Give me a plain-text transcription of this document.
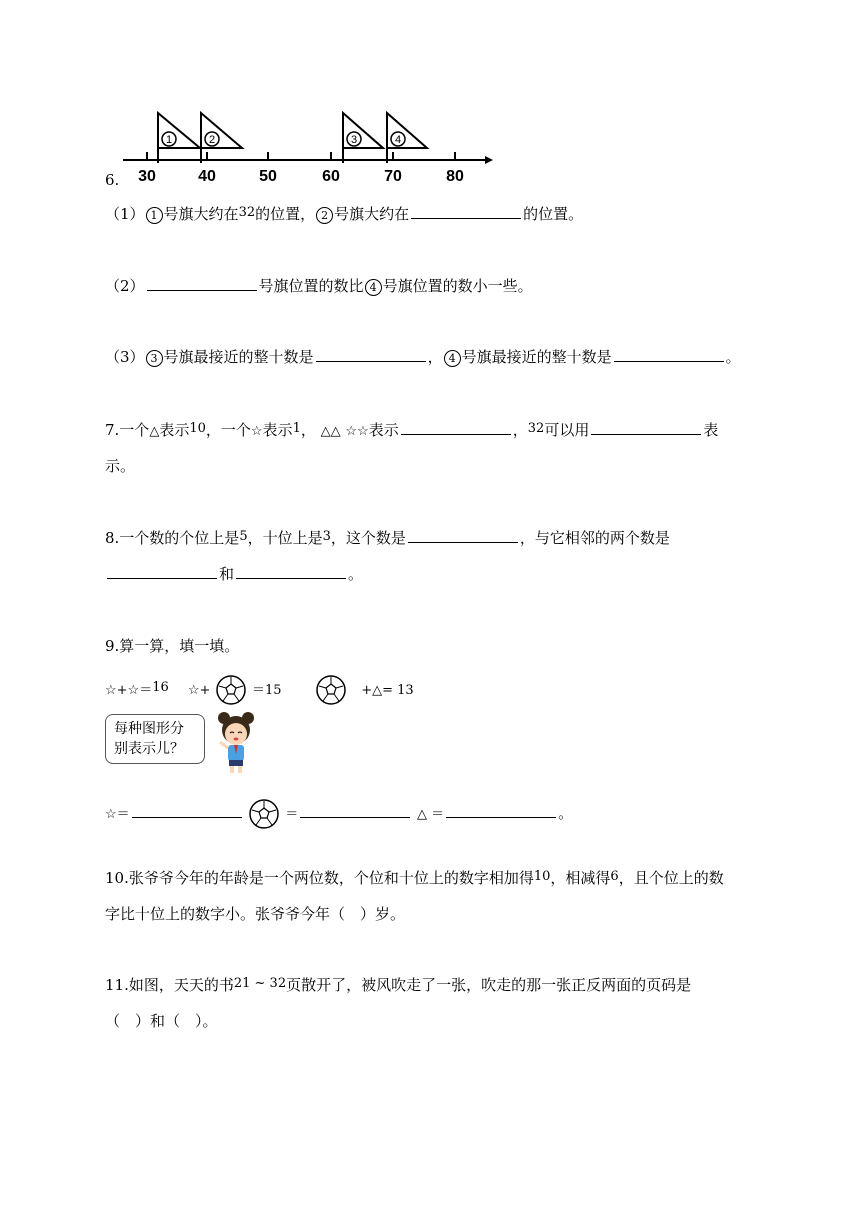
1	2	3	4
30	40	50	60	70	80
6.
（1） 1 号旗大约在32的位置， 2 号旗大约在	的位置。
（2）	号旗位置的数比 4 号旗位置的数小一些。
（3） 3 号旗最接近的整十数是	， 4 号旗最接近的整十数是	。
7.一个△表示10，一个☆表示1， △△ ☆☆表示	，32可以用	表
示。
8.一个数的个位上是5，十位上是3，这个数是	，与它相邻的两个数是
和	。
9.算一算，填一填。
☆+☆＝16 ☆+	＝15	+△= 13
每种图形分
别表示儿？
☆＝	＝	△ ＝	。
10.张爷爷今年的年龄是一个两位数，个位和十位上的数字相加得10，相减得6，且个位上的数
字比十位上的数字小。张爷爷今年（　）岁。
11.如图，天天的书21 ~ 32页散开了，被风吹走了一张，吹走的那一张正反两面的页码是
（　）和（　）。
